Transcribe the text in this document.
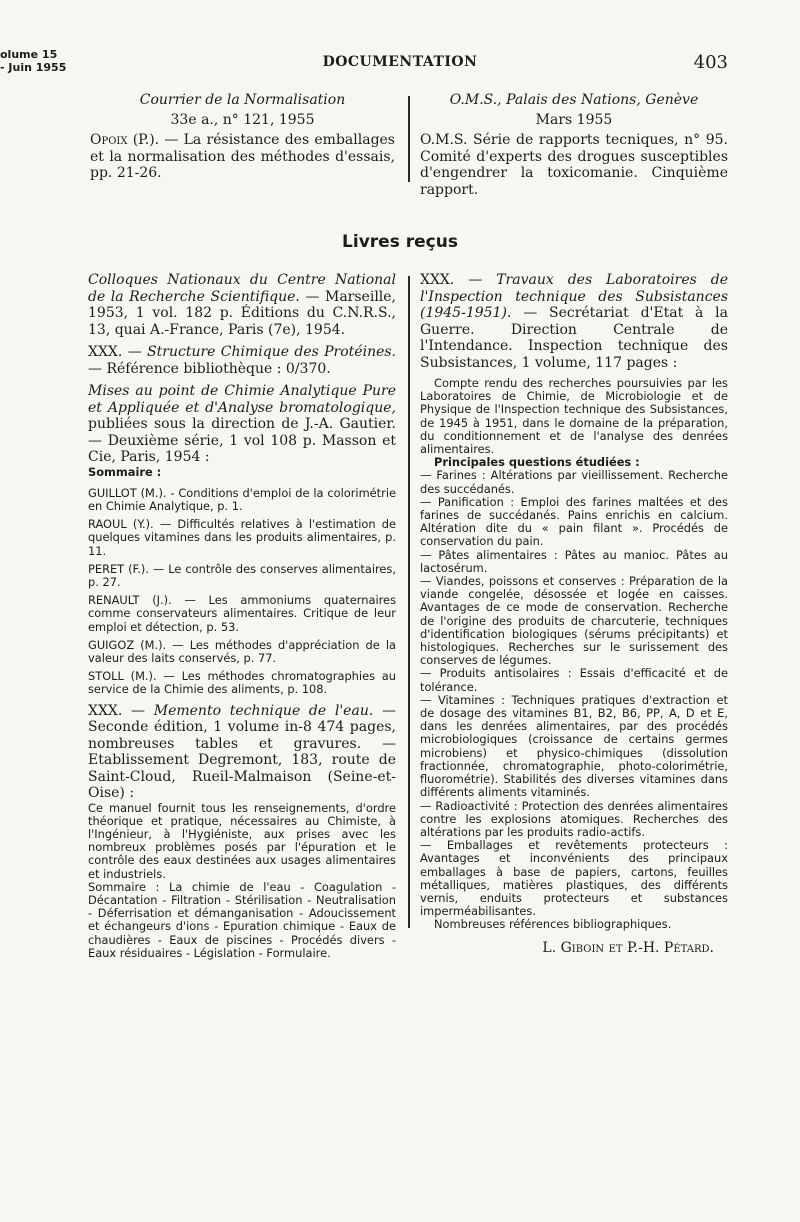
olume 15
- Juin 1955	DOCUMENTATION	403

Courrier de la Normalisation

33e a., n° 121, 1955

Opoix (P.). — La résistance des emballages et la normalisation des méthodes d'essais, pp. 21-26.

O.M.S., Palais des Nations, Genève

Mars 1955

O.M.S. Série de rapports tecniques, n° 95. Comité d'experts des drogues susceptibles d'engendrer la toxicomanie. Cinquième rapport.

Livres reçus

Colloques Nationaux du Centre National de la Recherche Scientifique. — Marseille, 1953, 1 vol. 182 p. Éditions du C.N.R.S., 13, quai A.-France, Paris (7e), 1954.

XXX. — Structure Chimique des Protéines. — Référence bibliothèque : 0/370.

Mises au point de Chimie Analytique Pure et Appliquée et d'Analyse bromatologique, publiées sous la direction de J.-A. Gautier. — Deuxième série, 1 vol 108 p. Masson et Cie, Paris, 1954 :

Sommaire :

GUILLOT (M.). - Conditions d'emploi de la colorimétrie en Chimie Analytique, p. 1.

RAOUL (Y.). — Difficultés relatives à l'estimation de quelques vitamines dans les produits alimentaires, p. 11.

PERET (F.). — Le contrôle des conserves alimentaires, p. 27.

RENAULT (J.). — Les ammoniums quaternaires comme conservateurs alimentaires. Critique de leur emploi et détection, p. 53.

GUIGOZ (M.). — Les méthodes d'appréciation de la valeur des laits conservés, p. 77.

STOLL (M.). — Les méthodes chromatographies au service de la Chimie des aliments, p. 108.

XXX. — Memento technique de l'eau. — Seconde édition, 1 volume in-8 474 pages, nombreuses tables et gravures. — Etablissement Degremont, 183, route de Saint-Cloud, Rueil-Malmaison (Seine-et-Oise) :

Ce manuel fournit tous les renseignements, d'ordre théorique et pratique, nécessaires au Chimiste, à l'Ingénieur, à l'Hygiéniste, aux prises avec les nombreux problèmes posés par l'épuration et le contrôle des eaux destinées aux usages alimentaires et industriels.

Sommaire : La chimie de l'eau - Coagulation - Décantation - Filtration - Stérilisation - Neutralisation - Déferrisation et démanganisation - Adoucissement et échangeurs d'ions - Epuration chimique - Eaux de chaudières - Eaux de piscines - Procédés divers - Eaux résiduaires - Législation - Formulaire.

XXX. — Travaux des Laboratoires de l'Inspection technique des Subsistances (1945-1951). — Secrétariat d'Etat à la Guerre. Direction Centrale de l'Intendance. Inspection technique des Subsistances, 1 volume, 117 pages :

Compte rendu des recherches poursuivies par les Laboratoires de Chimie, de Microbiologie et de Physique de l'Inspection technique des Subsistances, de 1945 à 1951, dans le domaine de la préparation, du conditionnement et de l'analyse des denrées alimentaires.

Principales questions étudiées :

— Farines : Altérations par vieillissement. Recherche des succédanés.

— Panification : Emploi des farines maltées et des farines de succédanés. Pains enrichis en calcium. Altération dite du « pain filant ». Procédés de conservation du pain.

— Pâtes alimentaires : Pâtes au manioc. Pâtes au lactosérum.

— Viandes, poissons et conserves : Préparation de la viande congelée, désossée et logée en caisses. Avantages de ce mode de conservation. Recherche de l'origine des produits de charcuterie, techniques d'identification biologiques (sérums précipitants) et histologiques. Recherches sur le surissement des conserves de légumes.

— Produits antisolaires : Essais d'efficacité et de tolérance.

— Vitamines : Techniques pratiques d'extraction et de dosage des vitamines B1, B2, B6, PP, A, D et E, dans les denrées alimentaires, par des procédés microbiologiques (croissance de certains germes microbiens) et physico-chimiques (dissolution fractionnée, chromatographie, photo-colorimétrie, fluorométrie). Stabilités des diverses vitamines dans différents aliments vitaminés.

— Radioactivité : Protection des denrées alimentaires contre les explosions atomiques. Recherches des altérations par les produits radio-actifs.

— Emballages et revêtements protecteurs : Avantages et inconvénients des principaux emballages à base de papiers, cartons, feuilles métalliques, matières plastiques, des différents vernis, enduits protecteurs et substances imperméabilisantes.

Nombreuses références bibliographiques.

L. Giboin et P.-H. Pétard.
